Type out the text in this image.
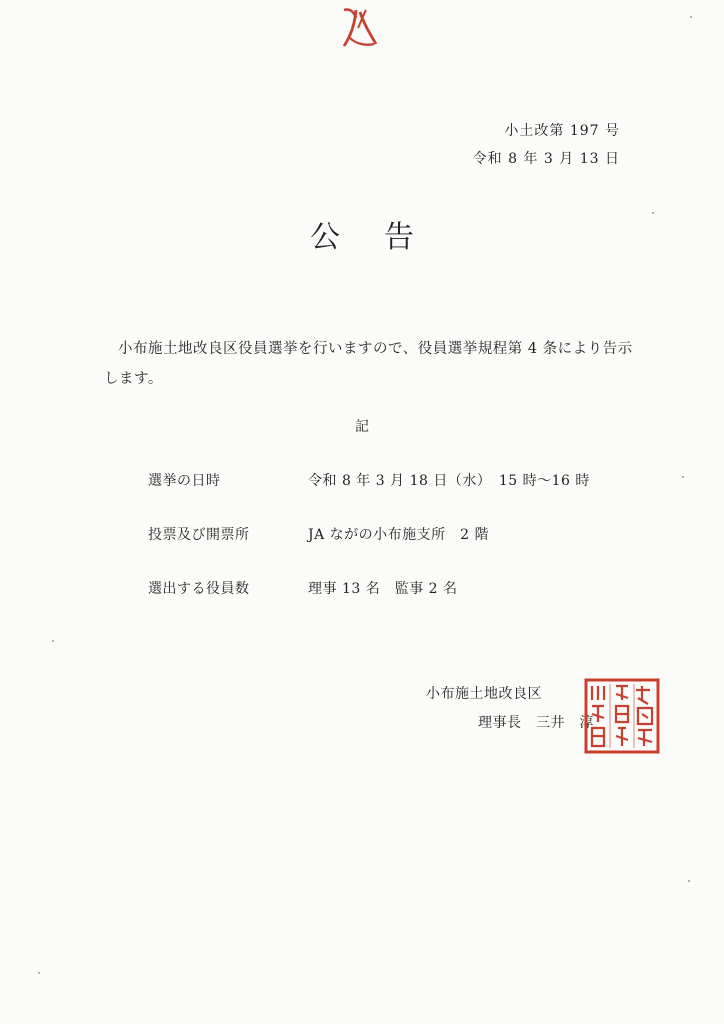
小土改第 197 号
令和 8 年 3 月 13 日
公告
小布施土地改良区役員選挙を行いますので、役員選挙規程第 4 条により告示します。
記
選挙の日時	令和 8 年 3 月 18 日（水）　15 時～16 時
投票及び開票所	JA ながの小布施支所　2 階
選出する役員数	理事 13 名　監事 2 名
小布施土地改良区
理事長　三井　淳
